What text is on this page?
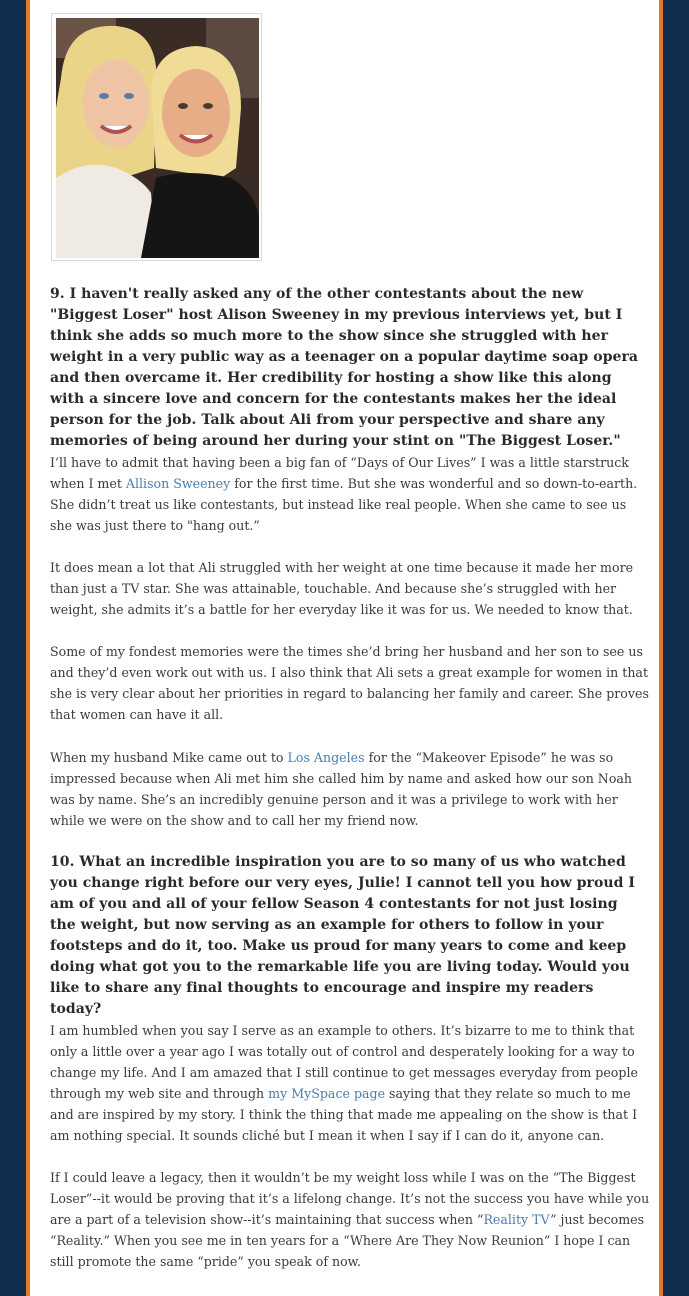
9. I haven't really asked any of the other contestants about the new "Biggest Loser" host Alison Sweeney in my previous interviews yet, but I think she adds so much more to the show since she struggled with her weight in a very public way as a teenager on a popular daytime soap opera and then overcame it. Her credibility for hosting a show like this along with a sincere love and concern for the contestants makes her the ideal person for the job. Talk about Ali from your perspective and share any memories of being around her during your stint on "The Biggest Loser."
I’ll have to admit that having been a big fan of “Days of Our Lives” I was a little starstruck when I met Allison Sweeney for the first time. But she was wonderful and so down-to-earth. She didn’t treat us like contestants, but instead like real people. When she came to see us she was just there to "hang out.”
It does mean a lot that Ali struggled with her weight at one time because it made her more than just a TV star. She was attainable, touchable. And because she’s struggled with her weight, she admits it’s a battle for her everyday like it was for us. We needed to know that.
Some of my fondest memories were the times she’d bring her husband and her son to see us and they’d even work out with us. I also think that Ali sets a great example for women in that she is very clear about her priorities in regard to balancing her family and career. She proves that women can have it all.
When my husband Mike came out to Los Angeles for the “Makeover Episode” he was so impressed because when Ali met him she called him by name and asked how our son Noah was by name. She’s an incredibly genuine person and it was a privilege to work with her while we were on the show and to call her my friend now.
10. What an incredible inspiration you are to so many of us who watched you change right before our very eyes, Julie! I cannot tell you how proud I am of you and all of your fellow Season 4 contestants for not just losing the weight, but now serving as an example for others to follow in your footsteps and do it, too. Make us proud for many years to come and keep doing what got you to the remarkable life you are living today. Would you like to share any final thoughts to encourage and inspire my readers today?
I am humbled when you say I serve as an example to others. It’s bizarre to me to think that only a little over a year ago I was totally out of control and desperately looking for a way to change my life. And I am amazed that I still continue to get messages everyday from people through my web site and through my MySpace page saying that they relate so much to me and are inspired by my story. I think the thing that made me appealing on the show is that I am nothing special. It sounds cliché but I mean it when I say if I can do it, anyone can.
If I could leave a legacy, then it wouldn’t be my weight loss while I was on the “The Biggest Loser”--it would be proving that it’s a lifelong change. It’s not the success you have while you are a part of a television show--it’s maintaining that success when “Reality TV” just becomes “Reality.” When you see me in ten years for a “Where Are They Now Reunion” I hope I can still promote the same “pride” you speak of now.
